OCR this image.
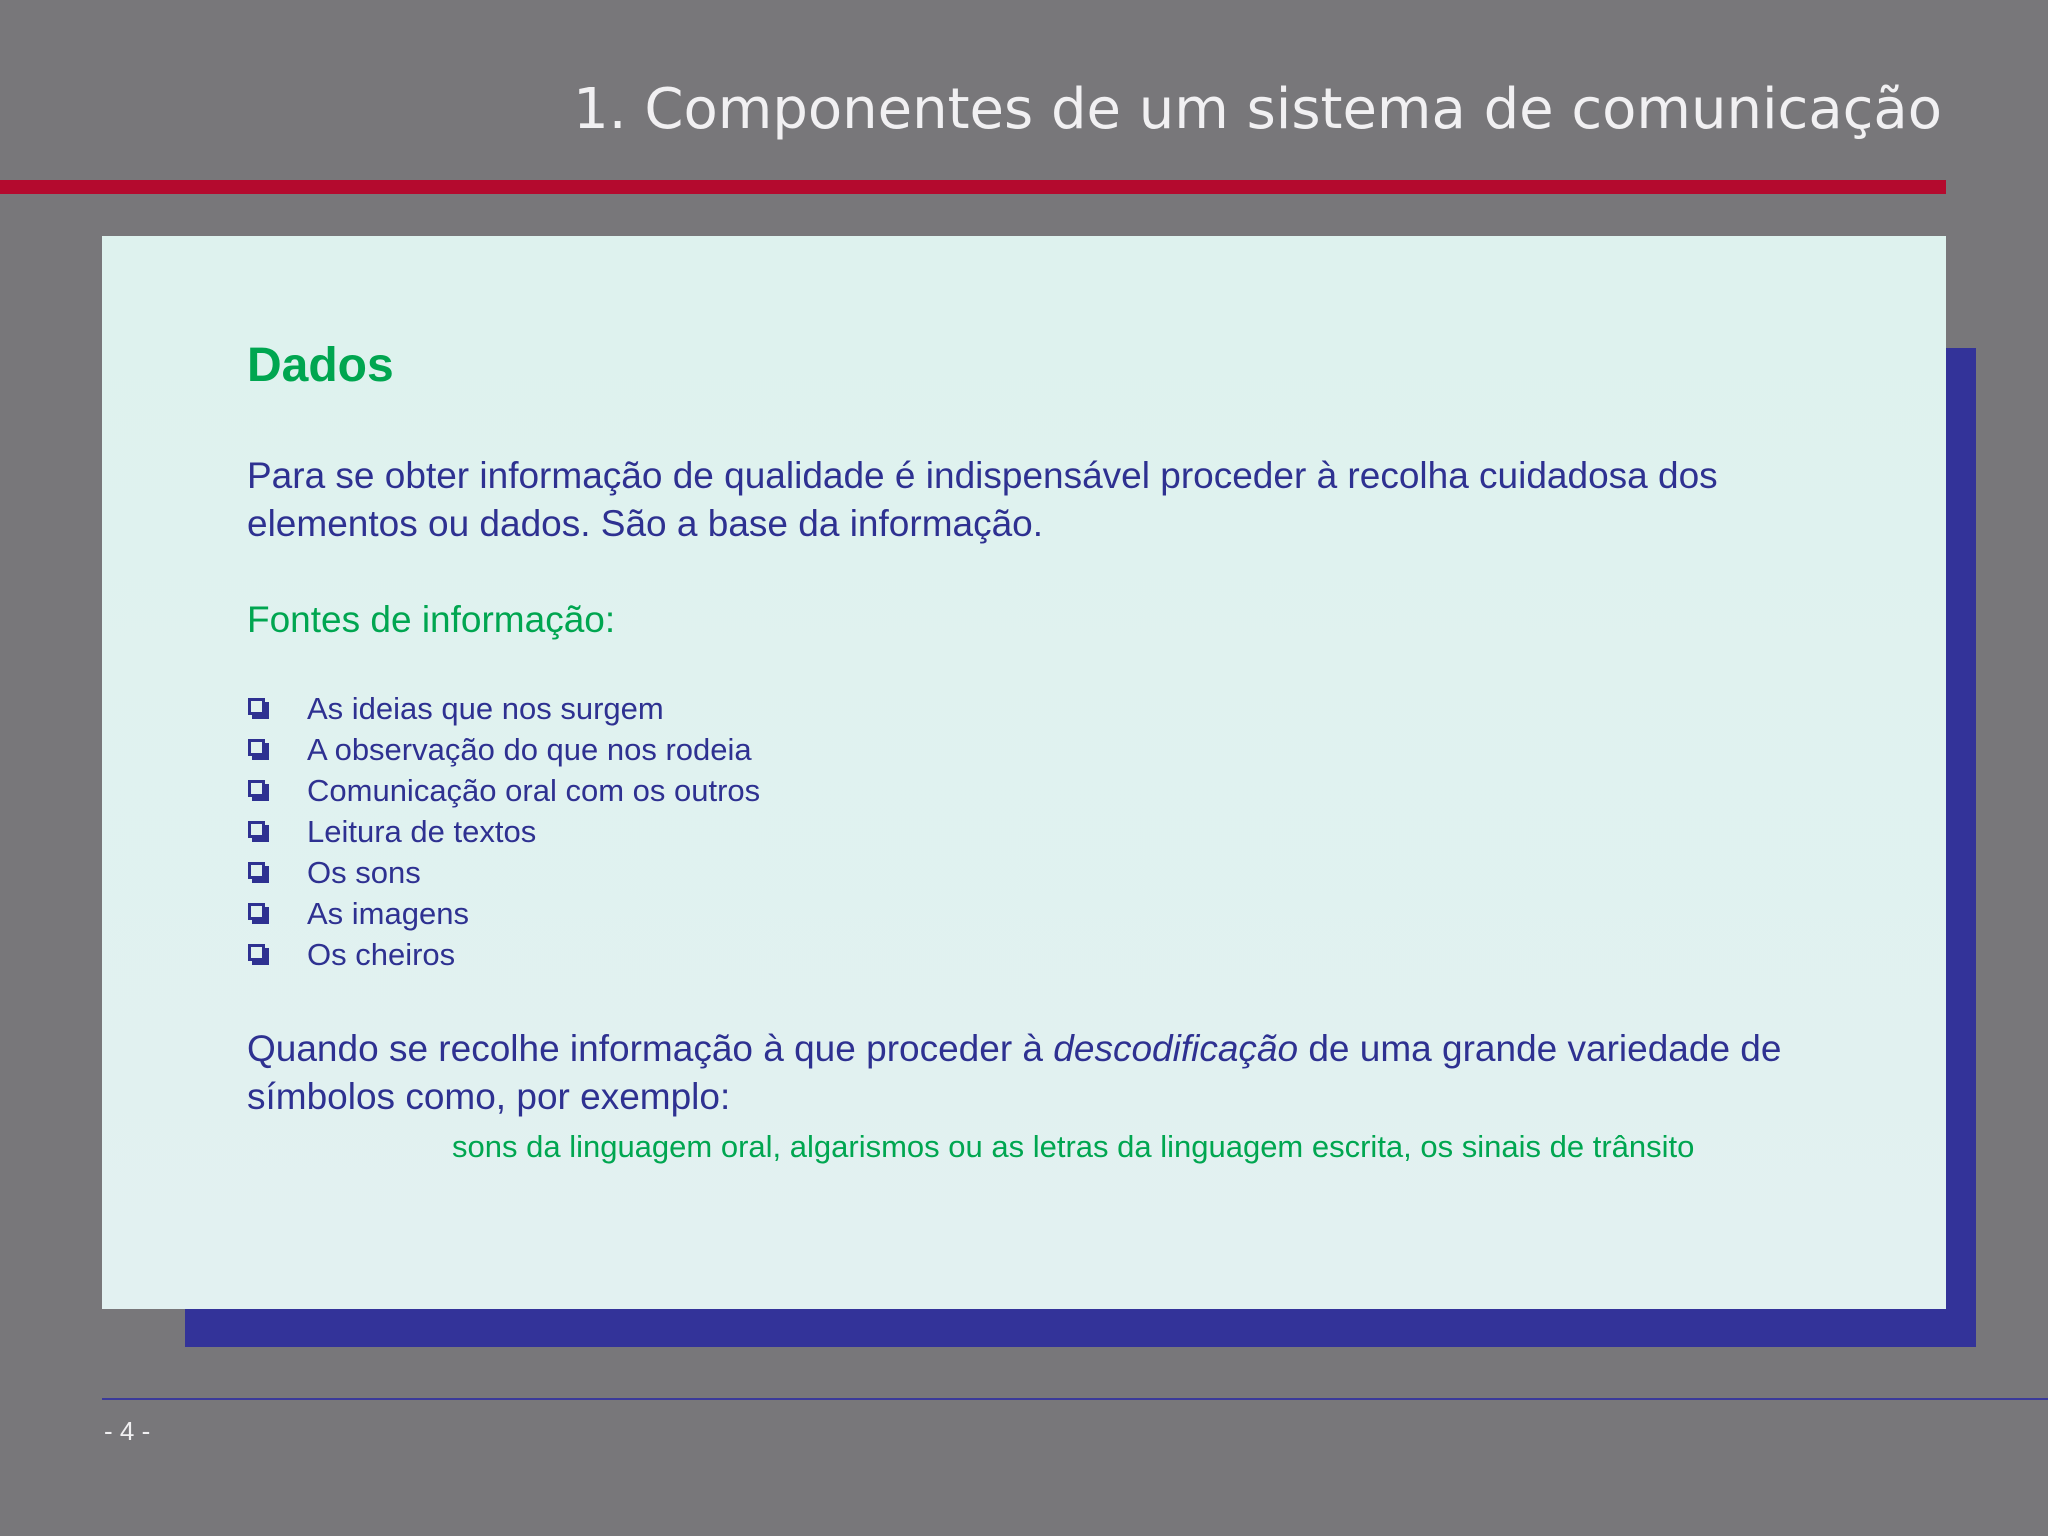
1. Componentes de um sistema de comunicação
Dados

Para se obter informação de qualidade é indispensável proceder à recolha cuidadosa dos elementos ou dados. São a base da informação.

Fontes de informação:

As ideias que nos surgem
A observação do que nos rodeia
Comunicação oral com os outros
Leitura de textos
Os sons
As imagens
Os cheiros

Quando se recolhe informação à que proceder à descodificação de uma grande variedade de símbolos como, por exemplo:

sons da linguagem oral, algarismos ou as letras da linguagem escrita, os sinais de trânsito

- 4 -
